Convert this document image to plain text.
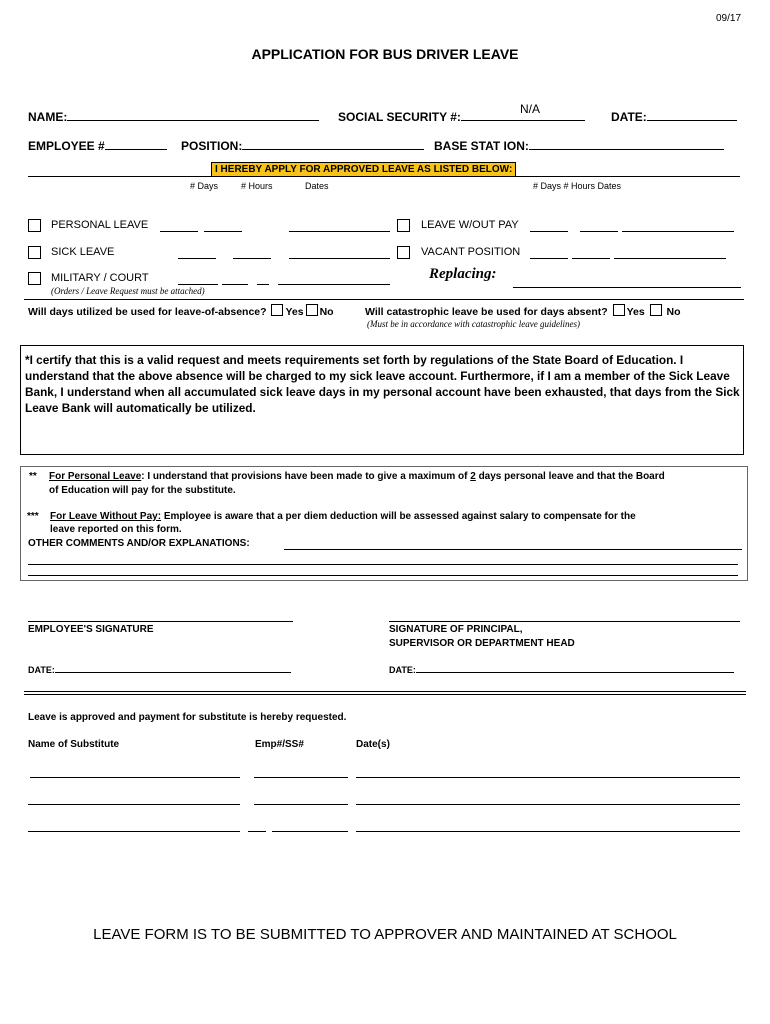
09/17
APPLICATION FOR BUS DRIVER LEAVE
NAME:	SOCIAL SECURITY #:
N/A
DATE:
EMPLOYEE #	POSITION:	BASE STAT ION:
I HEREBY APPLY FOR APPROVED LEAVE AS LISTED BELOW:
# Days	# Hours	Dates	# Days # Hours Dates
PERSONAL LEAVE
SICK LEAVE
MILITARY / COURT
(Orders / Leave Request must be attached)
LEAVE W/OUT PAY
VACANT POSITION
Replacing:
Will days utilized be used for leave-of-absence? Yes No	Will catastrophic leave be used for days absent? Yes No
(Must be in accordance with catastrophic leave guidelines)
*I certify that this is a valid request and meets requirements set forth by regulations of the State Board of Education. I understand that the above absence will be charged to my sick leave account. Furthermore, if I am a member of the Sick Leave Bank, I understand when all accumulated sick leave days in my personal account have been exhausted, that days from the Sick Leave Bank will automatically be utilized.
** For Personal Leave: I understand that provisions have been made to give a maximum of 2 days personal leave and that the Board
of Education will pay for the substitute.
*** For Leave Without Pay: Employee is aware that a per diem deduction will be assessed against salary to compensate for the
leave reported on this form.
OTHER COMMENTS AND/OR EXPLANATIONS:
EMPLOYEE'S SIGNATURE	SIGNATURE OF PRINCIPAL,
SUPERVISOR OR DEPARTMENT HEAD
DATE:	DATE:
Leave is approved and payment for substitute is hereby requested.
Name of Substitute	Emp#/SS#	Date(s)
LEAVE FORM IS TO BE SUBMITTED TO APPROVER AND MAINTAINED AT SCHOOL
